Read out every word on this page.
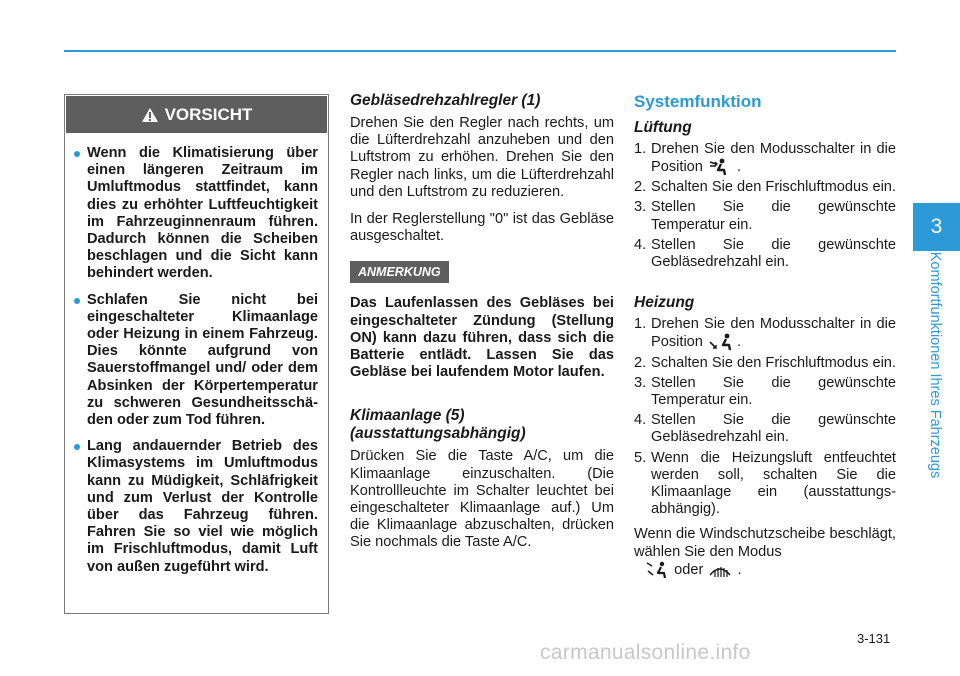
3
Komfortfunktionen Ihres Fahrzeugs
VORSICHT
Wenn die Klimatisierung über einen längeren Zeitraum im Umluftmodus stattfindet, kann dies zu erhöhter Luftfeuchtigkeit im Fahrzeuginnenraum führen. Dadurch können die Scheiben beschlagen und die Sicht kann behindert werden.
Schlafen Sie nicht bei eingeschalteter Klimaanlage oder Heizung in einem Fahrzeug. Dies könnte aufgrund von Sauerstoffmangel und/ oder dem Absinken der Körpertemperatur zu schweren Gesundheitsschäden oder zum Tod führen.
Lang andauernder Betrieb des Klimasystems im Umluftmodus kann zu Müdigkeit, Schläfrigkeit und zum Verlust der Kontrolle über das Fahrzeug führen. Fahren Sie so viel wie möglich im Frischluftmodus, damit Luft von außen zugeführt wird.
Gebläsedrehzahlregler (1)

Drehen Sie den Regler nach rechts, um die Lüfterdrehzahl anzuheben und den Luftstrom zu erhöhen. Drehen Sie den Regler nach links, um die Lüfterdrehzahl und den Luftstrom zu reduzieren.

In der Reglerstellung "0" ist das Gebläse ausgeschaltet.

ANMERKUNG

Das Laufenlassen des Gebläses bei eingeschalteter Zündung (Stellung ON) kann dazu führen, dass sich die Batterie entlädt. Lassen Sie das Gebläse bei laufendem Motor laufen.

Klimaanlage (5)
(ausstattungsabhängig)

Drücken Sie die Taste A/C, um die Klimaanlage einzuschalten. (Die Kontrollleuchte im Schalter leuchtet bei eingeschalteter Klimaanlage auf.) Um die Klimaanlage abzuschalten, drücken Sie nochmals die Taste A/C.

Systemfunktion
Lüftung
1. Drehen Sie den Modusschalter in die Position .
2. Schalten Sie den Frischluftmodus ein.
3. Stellen Sie die gewünschte Temperatur ein.
4. Stellen Sie die gewünschte Gebläsedrehzahl ein.
Heizung
1. Drehen Sie den Modusschalter in die Position .
2. Schalten Sie den Frischluftmodus ein.
3. Stellen Sie die gewünschte Temperatur ein.
4. Stellen Sie die gewünschte Gebläsedrehzahl ein.
5. Wenn die Heizungsluft entfeuchtet werden soll, schalten Sie die Klimaanlage ein (ausstattungsabhängig).

Wenn die Windschutzscheibe beschlägt, wählen Sie den Modus
oder .

3-131
carmanualsonline.info
